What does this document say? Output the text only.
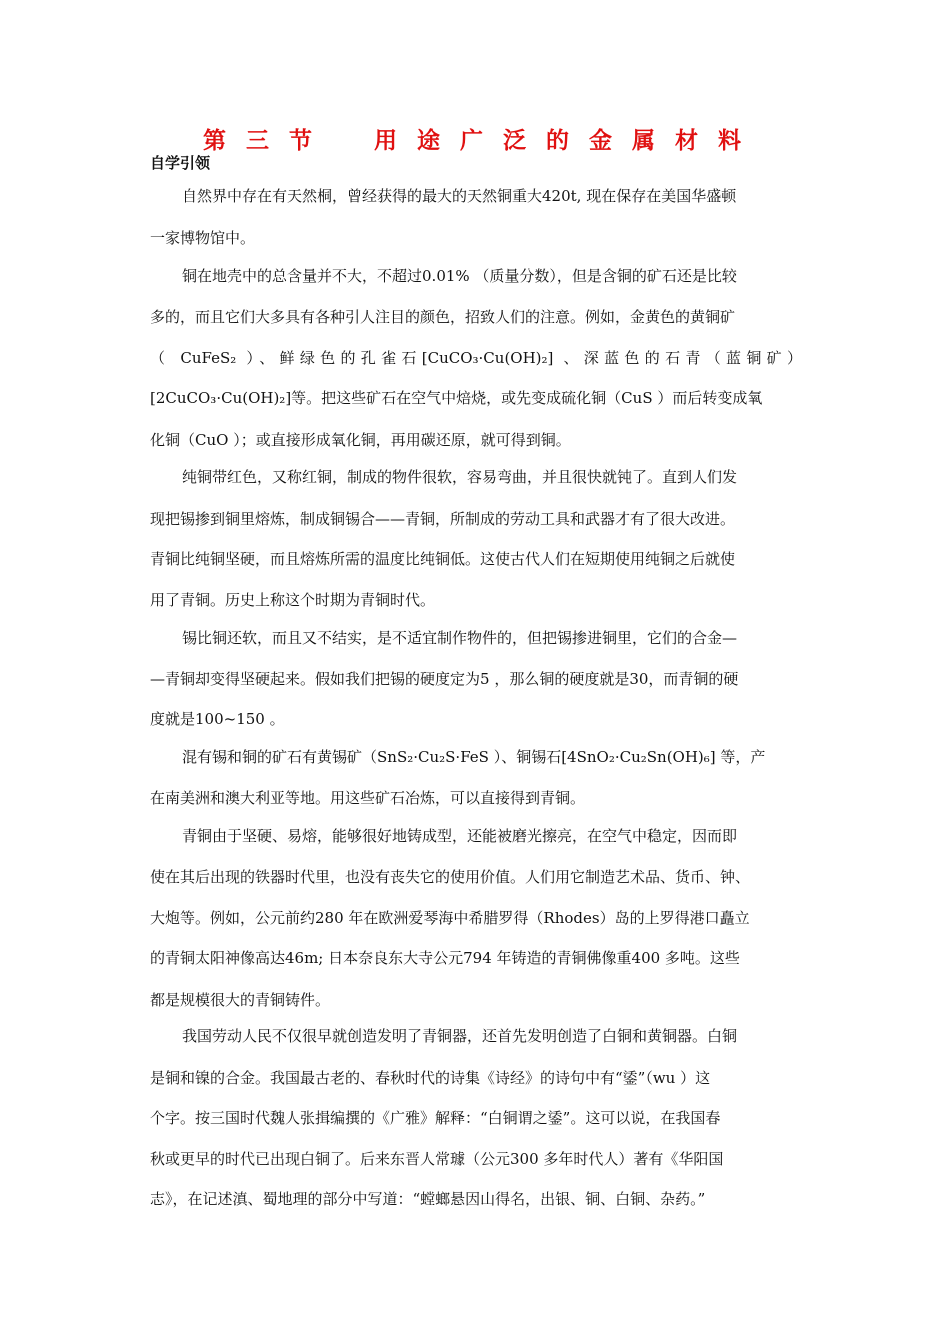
第 三 节    用 途 广 泛 的 金 属 材 料
自学引领
自然界中存在有天然桐，曾经获得的最大的天然铜重大420t, 现在保存在美国华盛顿
一家博物馆中。
铜在地壳中的总含量并不大，不超过0.01% （质量分数），但是含铜的矿石还是比较
多的，而且它们大多具有各种引人注目的颜色，招致人们的注意。例如，金黄色的黄铜矿
（ CuFeS₂ ）、鲜绿色的孔雀石[CuCO₃·Cu(OH)₂] 、深蓝色的石青（蓝铜矿）
[2CuCO₃·Cu(OH)₂]等。把这些矿石在空气中焙烧，或先变成硫化铜（CuS ）而后转变成氧
化铜（CuO ）；或直接形成氧化铜，再用碳还原，就可得到铜。
纯铜带红色，又称红铜，制成的物件很软，容易弯曲，并且很快就钝了。直到人们发
现把锡掺到铜里熔炼，制成铜锡合——青铜，所制成的劳动工具和武器才有了很大改进。
青铜比纯铜坚硬，而且熔炼所需的温度比纯铜低。这使古代人们在短期使用纯铜之后就使
用了青铜。历史上称这个时期为青铜时代。
锡比铜还软，而且又不结实，是不适宜制作物件的，但把锡掺进铜里，它们的合金—
—青铜却变得坚硬起来。假如我们把锡的硬度定为5 ，那么铜的硬度就是30，而青铜的硬
度就是100~150 。
混有锡和铜的矿石有黄锡矿（SnS₂·Cu₂S·FeS ）、铜锡石[4SnO₂·Cu₂Sn(OH)₆] 等，产
在南美洲和澳大利亚等地。用这些矿石冶炼，可以直接得到青铜。
青铜由于坚硬、易熔，能够很好地铸成型，还能被磨光擦亮，在空气中稳定，因而即
使在其后出现的铁器时代里，也没有丧失它的使用价值。人们用它制造艺术品、货币、钟、
大炮等。例如，公元前约280 年在欧洲爱琴海中希腊罗得（Rhodes）岛的上罗得港口矗立
的青铜太阳神像高达46m; 日本奈良东大寺公元794 年铸造的青铜佛像重400 多吨。这些
都是规模很大的青铜铸件。
我国劳动人民不仅很早就创造发明了青铜器，还首先发明创造了白铜和黄铜器。白铜
是铜和镍的合金。我国最古老的、春秋时代的诗集《诗经》的诗句中有“鋈”（wu ）这
个字。按三国时代魏人张揖编撰的《广雅》解释：“白铜谓之鋈”。这可以说，在我国春
秋或更早的时代已出现白铜了。后来东晋人常璩（公元300 多年时代人）著有《华阳国
志》，在记述滇、蜀地理的部分中写道：“螳螂悬因山得名，出银、铜、白铜、杂药。”
